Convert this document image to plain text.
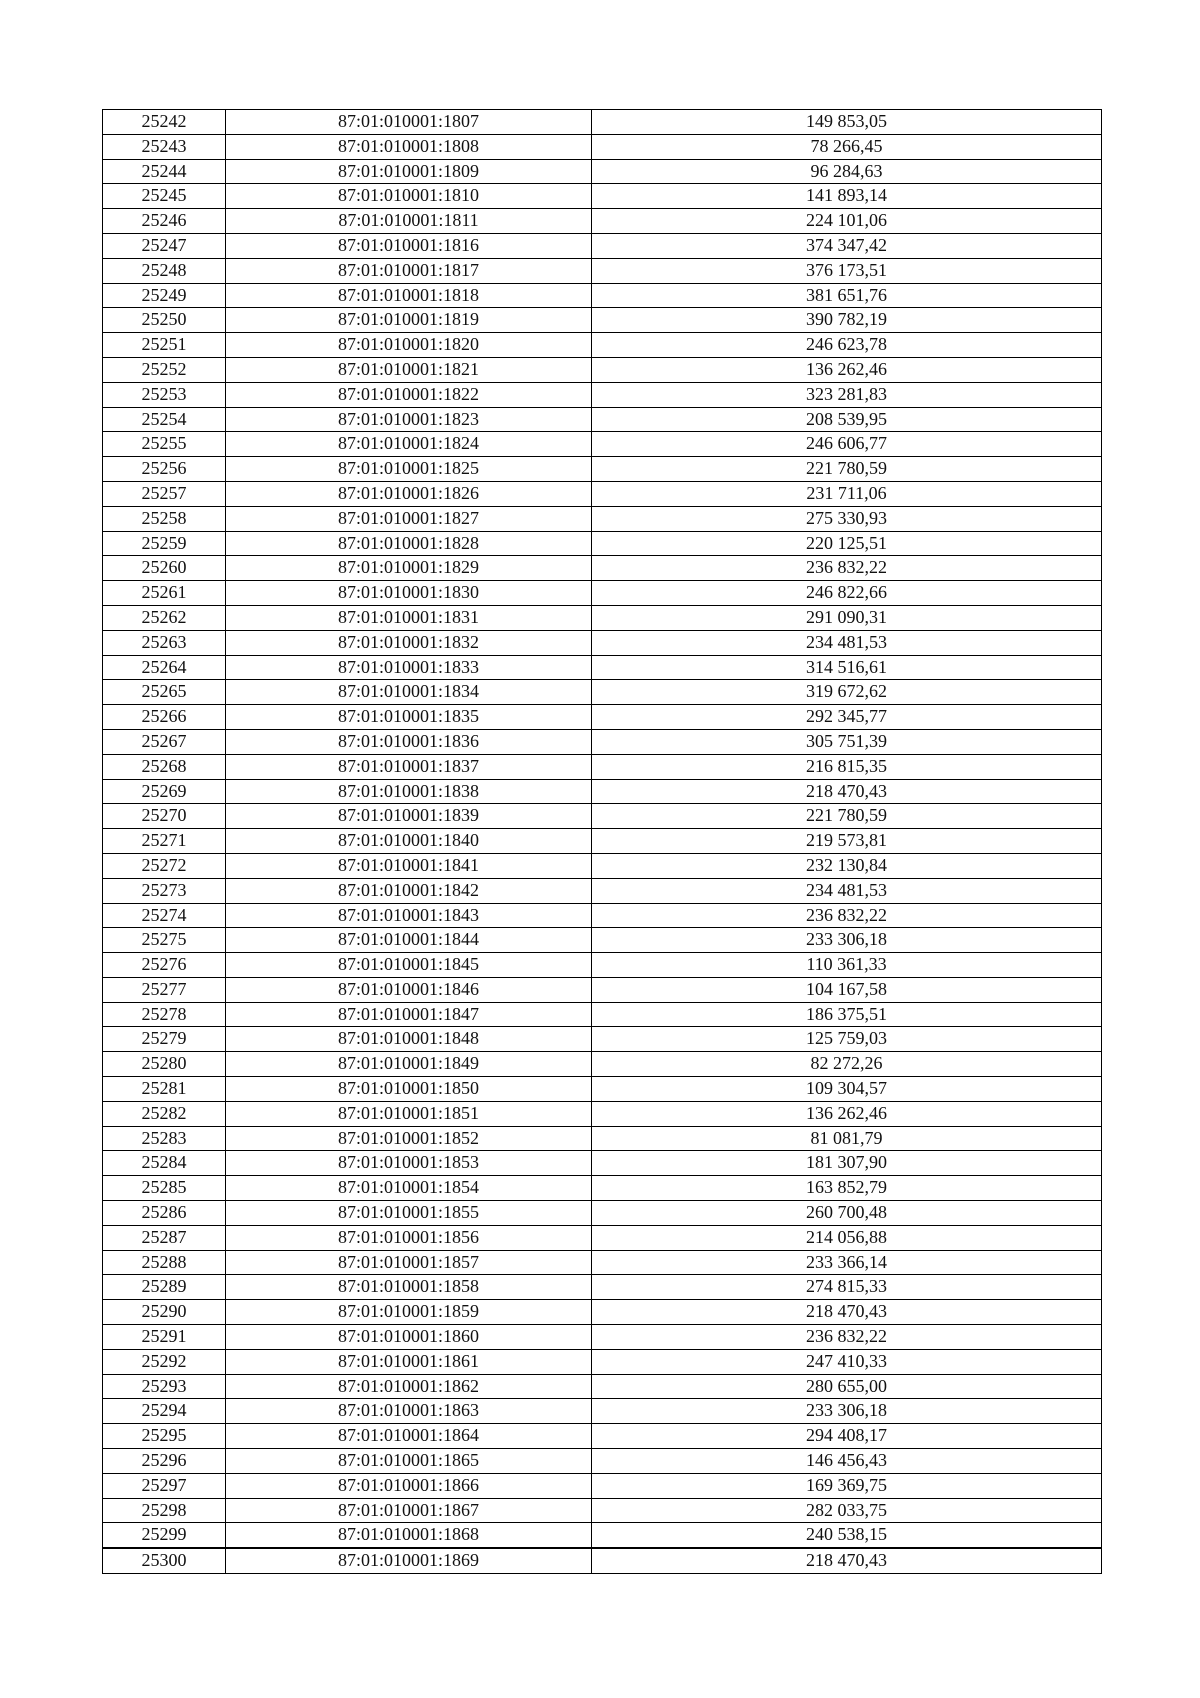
25242	87:01:010001:1807	149 853,05
25243	87:01:010001:1808	78 266,45
25244	87:01:010001:1809	96 284,63
25245	87:01:010001:1810	141 893,14
25246	87:01:010001:1811	224 101,06
25247	87:01:010001:1816	374 347,42
25248	87:01:010001:1817	376 173,51
25249	87:01:010001:1818	381 651,76
25250	87:01:010001:1819	390 782,19
25251	87:01:010001:1820	246 623,78
25252	87:01:010001:1821	136 262,46
25253	87:01:010001:1822	323 281,83
25254	87:01:010001:1823	208 539,95
25255	87:01:010001:1824	246 606,77
25256	87:01:010001:1825	221 780,59
25257	87:01:010001:1826	231 711,06
25258	87:01:010001:1827	275 330,93
25259	87:01:010001:1828	220 125,51
25260	87:01:010001:1829	236 832,22
25261	87:01:010001:1830	246 822,66
25262	87:01:010001:1831	291 090,31
25263	87:01:010001:1832	234 481,53
25264	87:01:010001:1833	314 516,61
25265	87:01:010001:1834	319 672,62
25266	87:01:010001:1835	292 345,77
25267	87:01:010001:1836	305 751,39
25268	87:01:010001:1837	216 815,35
25269	87:01:010001:1838	218 470,43
25270	87:01:010001:1839	221 780,59
25271	87:01:010001:1840	219 573,81
25272	87:01:010001:1841	232 130,84
25273	87:01:010001:1842	234 481,53
25274	87:01:010001:1843	236 832,22
25275	87:01:010001:1844	233 306,18
25276	87:01:010001:1845	110 361,33
25277	87:01:010001:1846	104 167,58
25278	87:01:010001:1847	186 375,51
25279	87:01:010001:1848	125 759,03
25280	87:01:010001:1849	82 272,26
25281	87:01:010001:1850	109 304,57
25282	87:01:010001:1851	136 262,46
25283	87:01:010001:1852	81 081,79
25284	87:01:010001:1853	181 307,90
25285	87:01:010001:1854	163 852,79
25286	87:01:010001:1855	260 700,48
25287	87:01:010001:1856	214 056,88
25288	87:01:010001:1857	233 366,14
25289	87:01:010001:1858	274 815,33
25290	87:01:010001:1859	218 470,43
25291	87:01:010001:1860	236 832,22
25292	87:01:010001:1861	247 410,33
25293	87:01:010001:1862	280 655,00
25294	87:01:010001:1863	233 306,18
25295	87:01:010001:1864	294 408,17
25296	87:01:010001:1865	146 456,43
25297	87:01:010001:1866	169 369,75
25298	87:01:010001:1867	282 033,75
25299	87:01:010001:1868	240 538,15
25300	87:01:010001:1869	218 470,43
